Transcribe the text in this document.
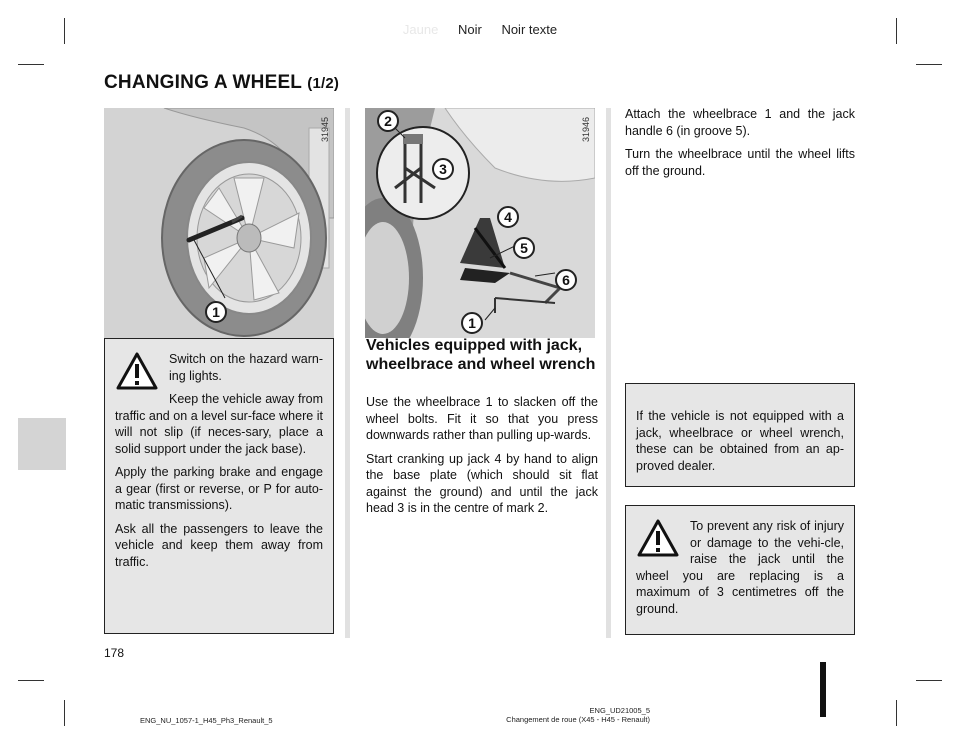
Jaune Noir Noir texte
CHANGING A WHEEL (1/2)
31945
1
31946
2
3
4
5
6
1

Switch on the hazard warn-ing lights.

Keep the vehicle away from traffic and on a level sur-face where it will not slip (if neces-sary, place a solid support under the jack base).

Apply the parking brake and engage a gear (first or reverse, or P for auto-matic transmissions).

Ask all the passengers to leave the vehicle and keep them away from traffic.

Vehicles equipped with jack, wheelbrace and wheel wrench

Use the wheelbrace 1 to slacken off the wheel bolts. Fit it so that you press downwards rather than pulling up-wards.

Start cranking up jack 4 by hand to align the base plate (which should sit flat against the ground) and until the jack head 3 is in the centre of mark 2.

Attach the wheelbrace 1 and the jack handle 6 (in groove 5).

Turn the wheelbrace until the wheel lifts off the ground.

If the vehicle is not equipped with a jack, wheelbrace or wheel wrench, these can be obtained from an ap-proved dealer.

To prevent any risk of injury or damage to the vehi-cle, raise the jack until the wheel you are replacing is a maximum of 3 centimetres off the ground.

178
ENG_NU_1057-1_H45_Ph3_Renault_5
ENG_UD21005_5
Changement de roue (X45 - H45 - Renault)
